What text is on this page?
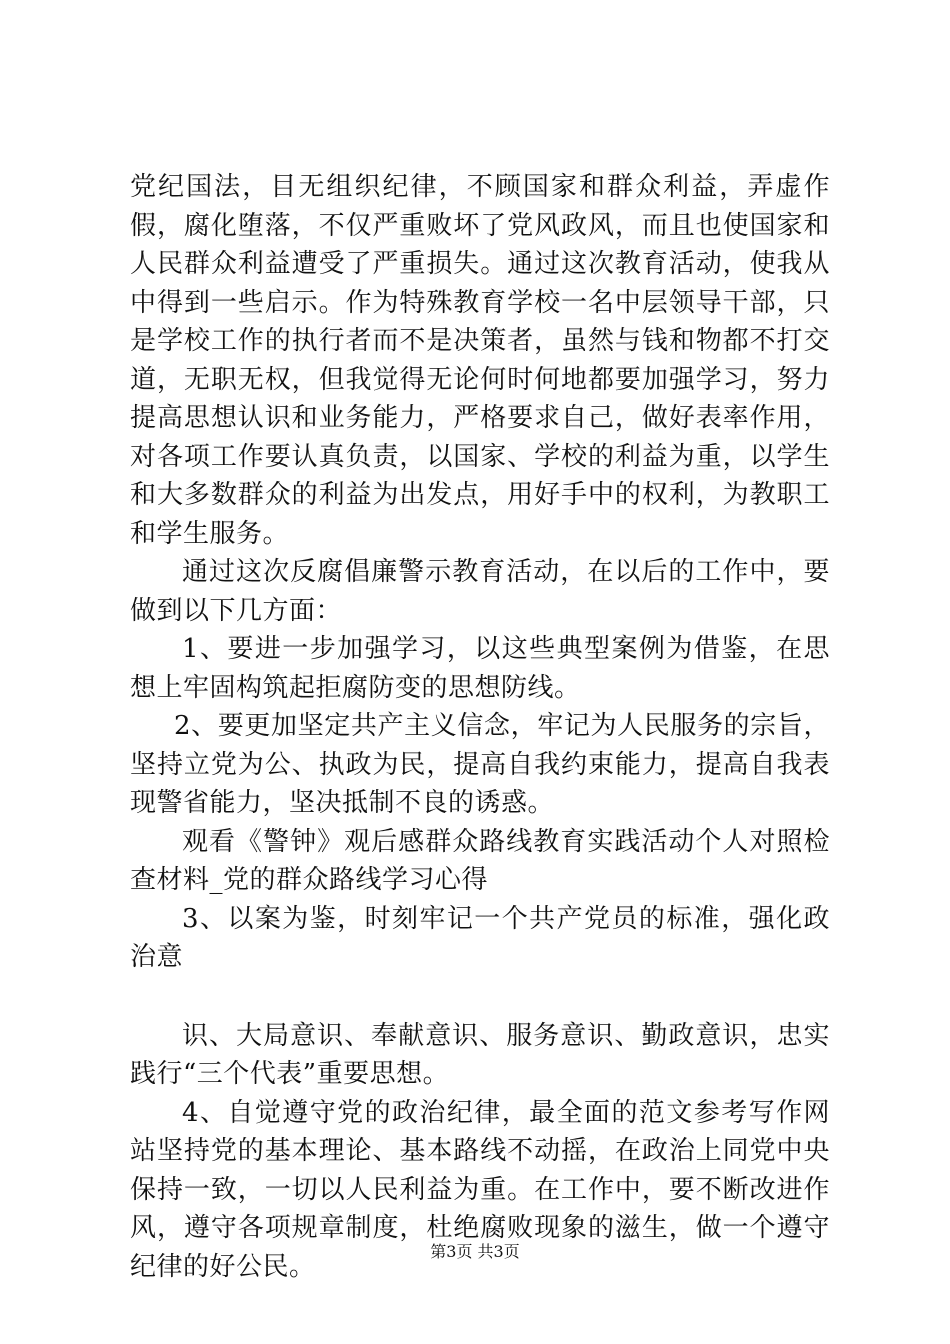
党纪国法，目无组织纪律，不顾国家和群众利益，弄虚作假，腐化堕落，不仅严重败坏了党风政风，而且也使国家和人民群众利益遭受了严重损失。通过这次教育活动，使我从中得到一些启示。作为特殊教育学校一名中层领导干部，只是学校工作的执行者而不是决策者，虽然与钱和物都不打交道，无职无权，但我觉得无论何时何地都要加强学习，努力提高思想认识和业务能力，严格要求自己，做好表率作用，对各项工作要认真负责，以国家、学校的利益为重，以学生和大多数群众的利益为出发点，用好手中的权利，为教职工和学生服务。

通过这次反腐倡廉警示教育活动，在以后的工作中，要做到以下几方面：

1、要进一步加强学习，以这些典型案例为借鉴，在思想上牢固构筑起拒腐防变的思想防线。

2、要更加坚定共产主义信念，牢记为人民服务的宗旨，坚持立党为公、执政为民，提高自我约束能力，提高自我表现警省能力，坚决抵制不良的诱惑。

观看《警钟》观后感群众路线教育实践活动个人对照检查材料_党的群众路线学习心得

3、以案为鉴，时刻牢记一个共产党员的标准，强化政治意

识、大局意识、奉献意识、服务意识、勤政意识，忠实践行“三个代表”重要思想。

4、自觉遵守党的政治纪律，最全面的范文参考写作网站坚持党的基本理论、基本路线不动摇，在政治上同党中央保持一致，一切以人民利益为重。在工作中，要不断改进作风，遵守各项规章制度，杜绝腐败现象的滋生，做一个遵守纪律的好公民。	第3页 共3页
